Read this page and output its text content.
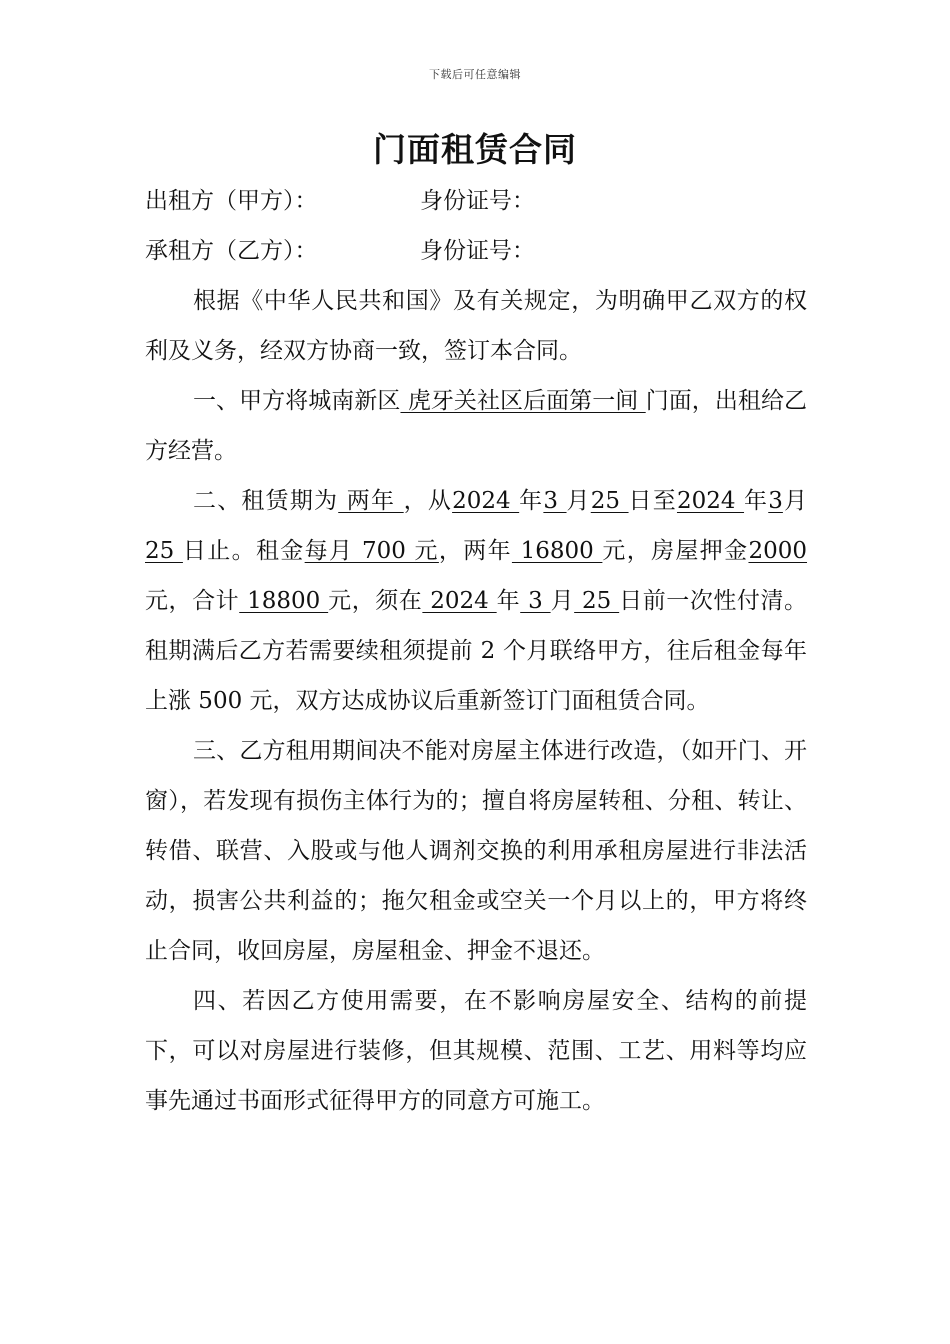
下载后可任意编辑
门面租赁合同
出租方（甲方）：	身份证号：
承租方（乙方）：	身份证号：

根据《中华人民共和国》及有关规定，为明确甲乙双方的权利及义务，经双方协商一致，签订本合同。

一、甲方将城南新区 虎牙关社区后面第一间 门面，出租给乙方经营。

二、租赁期为 两年 ，从2024 年3 月25 日至2024 年3月25 日止。租金每月 700 元，两年 16800 元，房屋押金2000 元，合计 18800 元，须在 2024 年 3 月 25 日前一次性付清。租期满后乙方若需要续租须提前 2 个月联络甲方，往后租金每年上涨 500 元，双方达成协议后重新签订门面租赁合同。

三、乙方租用期间决不能对房屋主体进行改造，（如开门、开窗），若发现有损伤主体行为的；擅自将房屋转租、分租、转让、转借、联营、入股或与他人调剂交换的利用承租房屋进行非法活动，损害公共利益的；拖欠租金或空关一个月以上的，甲方将终止合同，收回房屋，房屋租金、押金不退还。

四、若因乙方使用需要，在不影响房屋安全、结构的前提下，可以对房屋进行装修，但其规模、范围、工艺、用料等均应事先通过书面形式征得甲方的同意方可施工。
